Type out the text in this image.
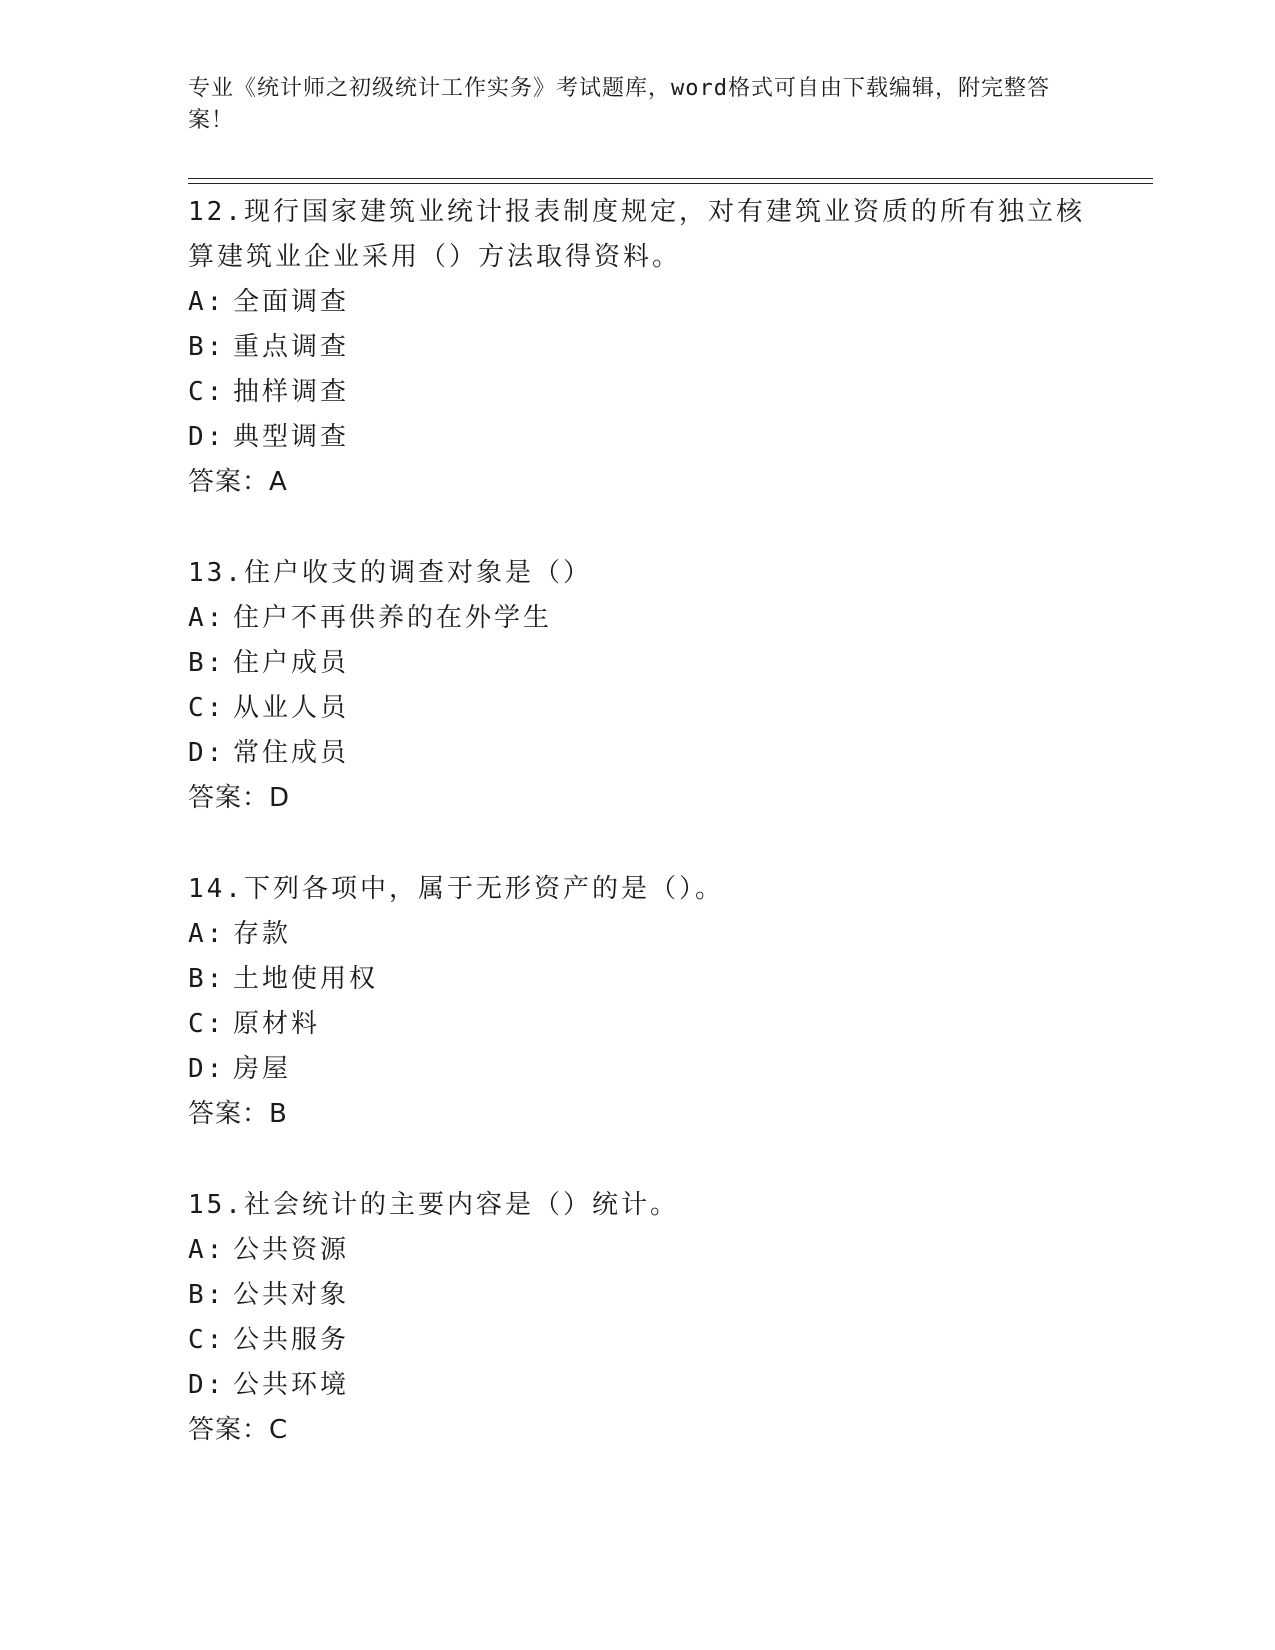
专业《统计师之初级统计工作实务》考试题库，word格式可自由下载编辑，附完整答案！

12.现行国家建筑业统计报表制度规定，对有建筑业资质的所有独立核算建筑业企业采用（）方法取得资料。

A: 全面调查

B: 重点调查

C: 抽样调查

D: 典型调查

答案：A

13.住户收支的调查对象是（）

A: 住户不再供养的在外学生

B: 住户成员

C: 从业人员

D: 常住成员

答案：D

14.下列各项中，属于无形资产的是（）。

A: 存款

B: 土地使用权

C: 原材料

D: 房屋

答案：B

15.社会统计的主要内容是（）统计。

A: 公共资源

B: 公共对象

C: 公共服务

D: 公共环境

答案：C
